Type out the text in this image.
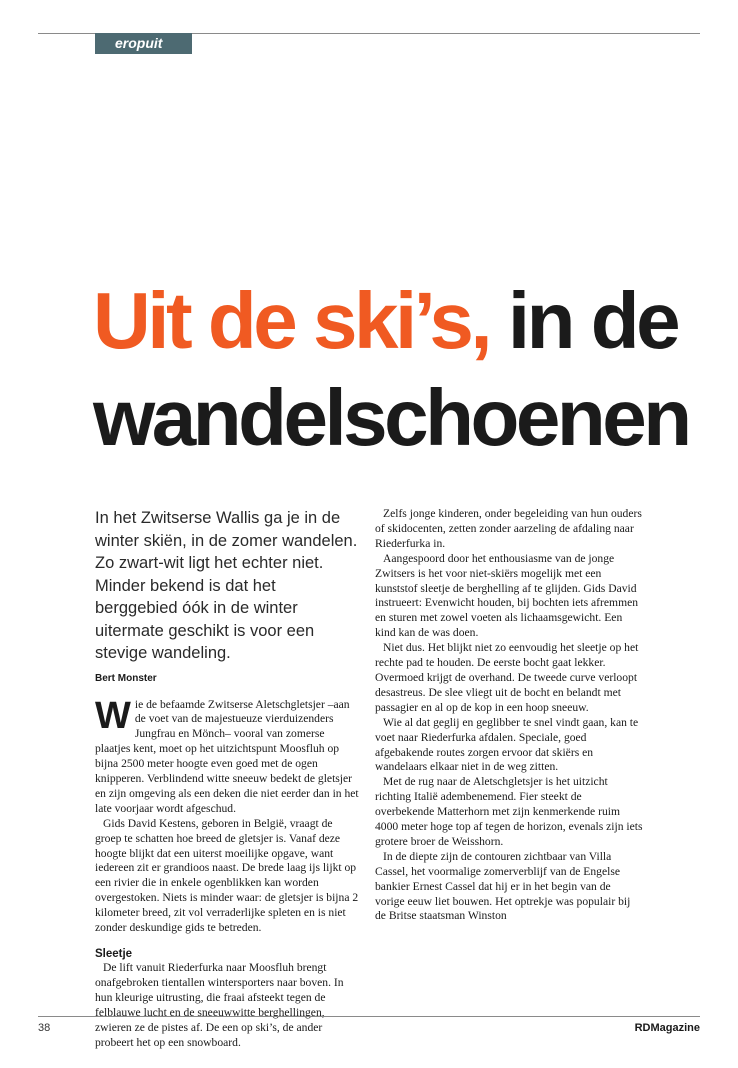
eropuit
Uit de ski’s, in de
wandelschoenen

In het Zwitserse Wallis ga je in de winter skiën, in de zomer wandelen. Zo zwart-wit ligt het echter niet. Minder bekend is dat het berggebied óók in de winter uitermate geschikt is voor een stevige wandeling.

Bert Monster

Wie de befaamde Zwitserse Aletschgletsjer –aan de voet van de majestueuze vierduizenders Jungfrau en Mönch– vooral van zomerse plaatjes kent, moet op het uitzichtspunt Moosfluh op bijna 2500 meter hoogte even goed met de ogen knipperen. Verblindend witte sneeuw bedekt de gletsjer en zijn omgeving als een deken die niet eerder dan in het late voorjaar wordt afgeschud.

Gids David Kestens, geboren in België, vraagt de groep te schatten hoe breed de gletsjer is. Vanaf deze hoogte blijkt dat een uiterst moeilijke opgave, want iedereen zit er grandioos naast. De brede laag ijs lijkt op een rivier die in enkele ogenblikken kan worden overgestoken. Niets is minder waar: de gletsjer is bijna 2 kilometer breed, zit vol verraderlijke spleten en is niet zonder deskundige gids te betreden.

Sleetje

De lift vanuit Riederfurka naar Moosfluh brengt onafgebroken tientallen wintersporters naar boven. In hun kleurige uitrusting, die fraai afsteekt tegen de felblauwe lucht en de sneeuwwitte berghellingen, zwieren ze de pistes af. De een op ski’s, de ander probeert het op een snowboard.

Zelfs jonge kinderen, onder begeleiding van hun ouders of skidocenten, zetten zonder aarzeling de afdaling naar Riederfurka in.

Aangespoord door het enthousiasme van de jonge Zwitsers is het voor niet-skiërs mogelijk met een kunststof sleetje de berghelling af te glijden. Gids David instrueert: Evenwicht houden, bij bochten iets afremmen en sturen met zowel voeten als lichaamsgewicht. Een kind kan de was doen.

Niet dus. Het blijkt niet zo eenvoudig het sleetje op het rechte pad te houden. De eerste bocht gaat lekker. Overmoed krijgt de overhand. De tweede curve verloopt desastreus. De slee vliegt uit de bocht en belandt met passagier en al op de kop in een hoop sneeuw.

Wie al dat geglij en geglibber te snel vindt gaan, kan te voet naar Riederfurka afdalen. Speciale, goed afgebakende routes zorgen ervoor dat skiërs en wandelaars elkaar niet in de weg zitten.

Met de rug naar de Aletschgletsjer is het uitzicht richting Italië adembenemend. Fier steekt de overbekende Matterhorn met zijn kenmerkende ruim 4000 meter hoge top af tegen de horizon, evenals zijn iets grotere broer de Weisshorn.

In de diepte zijn de contouren zichtbaar van Villa Cassel, het voormalige zomerverblijf van de Engelse bankier Ernest Cassel dat hij er in het begin van de vorige eeuw liet bouwen. Het optrekje was populair bij de Britse staatsman Winston

38	RDMagazine
